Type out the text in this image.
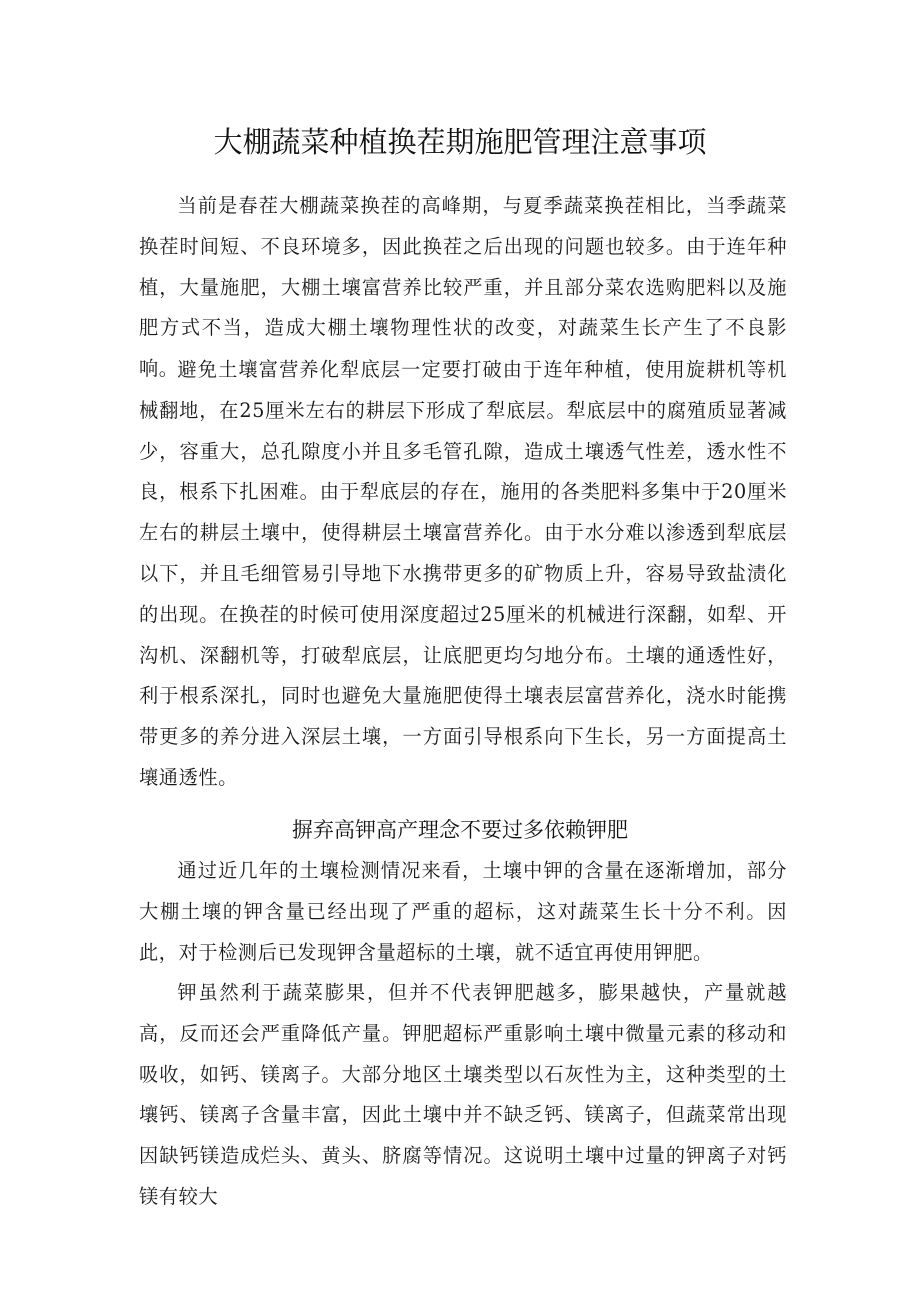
大棚蔬菜种植换茬期施肥管理注意事项

当前是春茬大棚蔬菜换茬的高峰期，与夏季蔬菜换茬相比，当季蔬菜换茬时间短、不良环境多，因此换茬之后出现的问题也较多。由于连年种植，大量施肥，大棚土壤富营养比较严重，并且部分菜农选购肥料以及施肥方式不当，造成大棚土壤物理性状的改变，对蔬菜生长产生了不良影响。

避免土壤富营养化犁底层一定要打破由于连年种植，使用旋耕机等机械翻地，在25厘米左右的耕层下形成了犁底层。犁底层中的腐殖质显著减少，容重大，总孔隙度小并且多毛管孔隙，造成土壤透气性差，透水性不良，根系下扎困难。由于犁底层的存在，施用的各类肥料多集中于20厘米左右的耕层土壤中，使得耕层土壤富营养化。由于水分难以渗透到犁底层以下，并且毛细管易引导地下水携带更多的矿物质上升，容易导致盐渍化的出现。在换茬的时候可使用深度超过25厘米的机械进行深翻，如犁、开沟机、深翻机等，打破犁底层，让底肥更均匀地分布。土壤的通透性好，利于根系深扎，同时也避免大量施肥使得土壤表层富营养化，浇水时能携带更多的养分进入深层土壤，一方面引导根系向下生长，另一方面提高土壤通透性。

摒弃高钾高产理念不要过多依赖钾肥

通过近几年的土壤检测情况来看，土壤中钾的含量在逐渐增加，部分大棚土壤的钾含量已经出现了严重的超标，这对蔬菜生长十分不利。因此，对于检测后已发现钾含量超标的土壤，就不适宜再使用钾肥。

钾虽然利于蔬菜膨果，但并不代表钾肥越多，膨果越快，产量就越高，反而还会严重降低产量。钾肥超标严重影响土壤中微量元素的移动和吸收，如钙、镁离子。大部分地区土壤类型以石灰性为主，这种类型的土壤钙、镁离子含量丰富，因此土壤中并不缺乏钙、镁离子，但蔬菜常出现因缺钙镁造成烂头、黄头、脐腐等情况。这说明土壤中过量的钾离子对钙镁有较大
